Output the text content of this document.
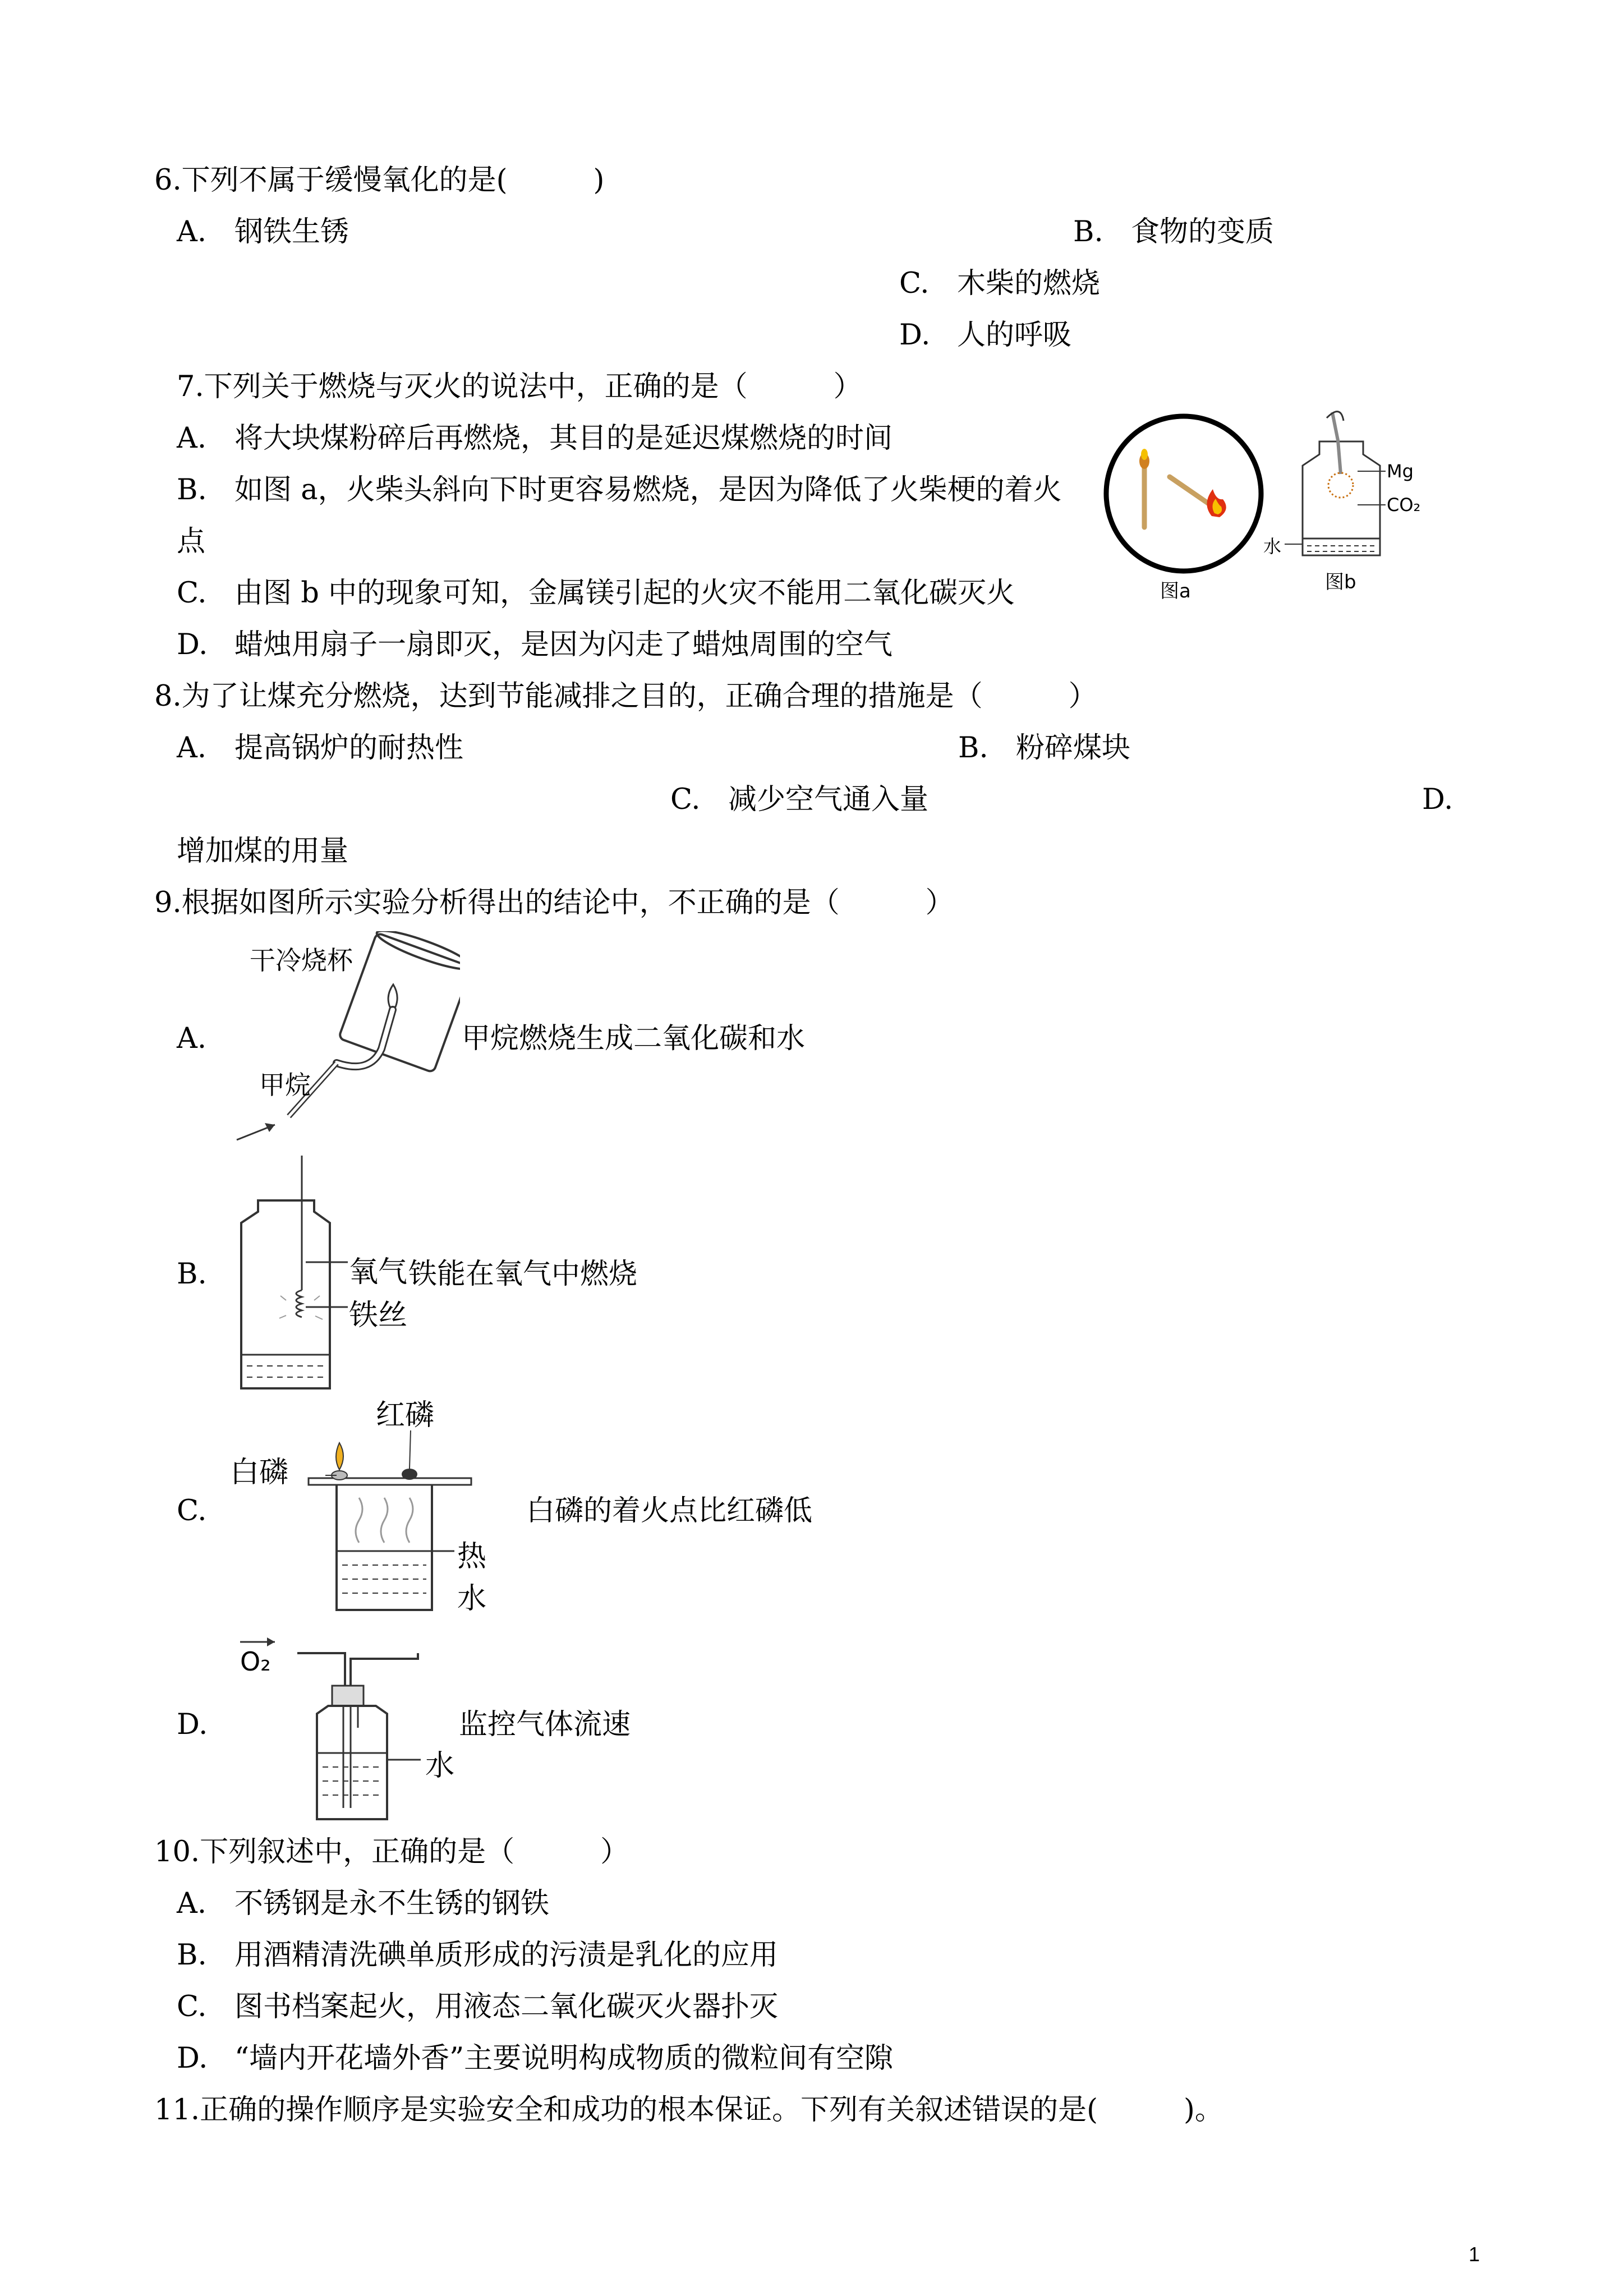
6.下列不属于缓慢氧化的是(　　　)
A. 钢铁生锈	B. 食物的变质
C. 木柴的燃烧
D. 人的呼吸
7.下列关于燃烧与灭火的说法中，正确的是（　　　）
A. 将大块煤粉碎后再燃烧，其目的是延迟煤燃烧的时间
B. 如图 a，火柴头斜向下时更容易燃烧，是因为降低了火柴梗的着火
点
C. 由图 b 中的现象可知，金属镁引起的火灾不能用二氧化碳灭火
D. 蜡烛用扇子一扇即灭，是因为闪走了蜡烛周围的空气
图a
Mg
CO₂
水
图b
8.为了让煤充分燃烧，达到节能减排之目的，正确合理的措施是（　　　）
A. 提高锅炉的耐热性	B. 粉碎煤块
C. 减少空气通入量	D.
增加煤的用量
9.根据如图所示实验分析得出的结论中，不正确的是（　　　）
A.
干冷烧杯
甲烷
甲烷燃烧生成二氧化碳和水
B.	氧气 铁能在氧气中燃烧
铁丝
C.
红磷
白磷
热水
白磷的着火点比红磷低
D.
O₂
水
监控气体流速
10.下列叙述中，正确的是（　　　）
A. 不锈钢是永不生锈的钢铁
B. 用酒精清洗碘单质形成的污渍是乳化的应用
C. 图书档案起火，用液态二氧化碳灭火器扑灭
D. “墙内开花墙外香”主要说明构成物质的微粒间有空隙
11.正确的操作顺序是实验安全和成功的根本保证。下列有关叙述错误的是(　　　)。
1
